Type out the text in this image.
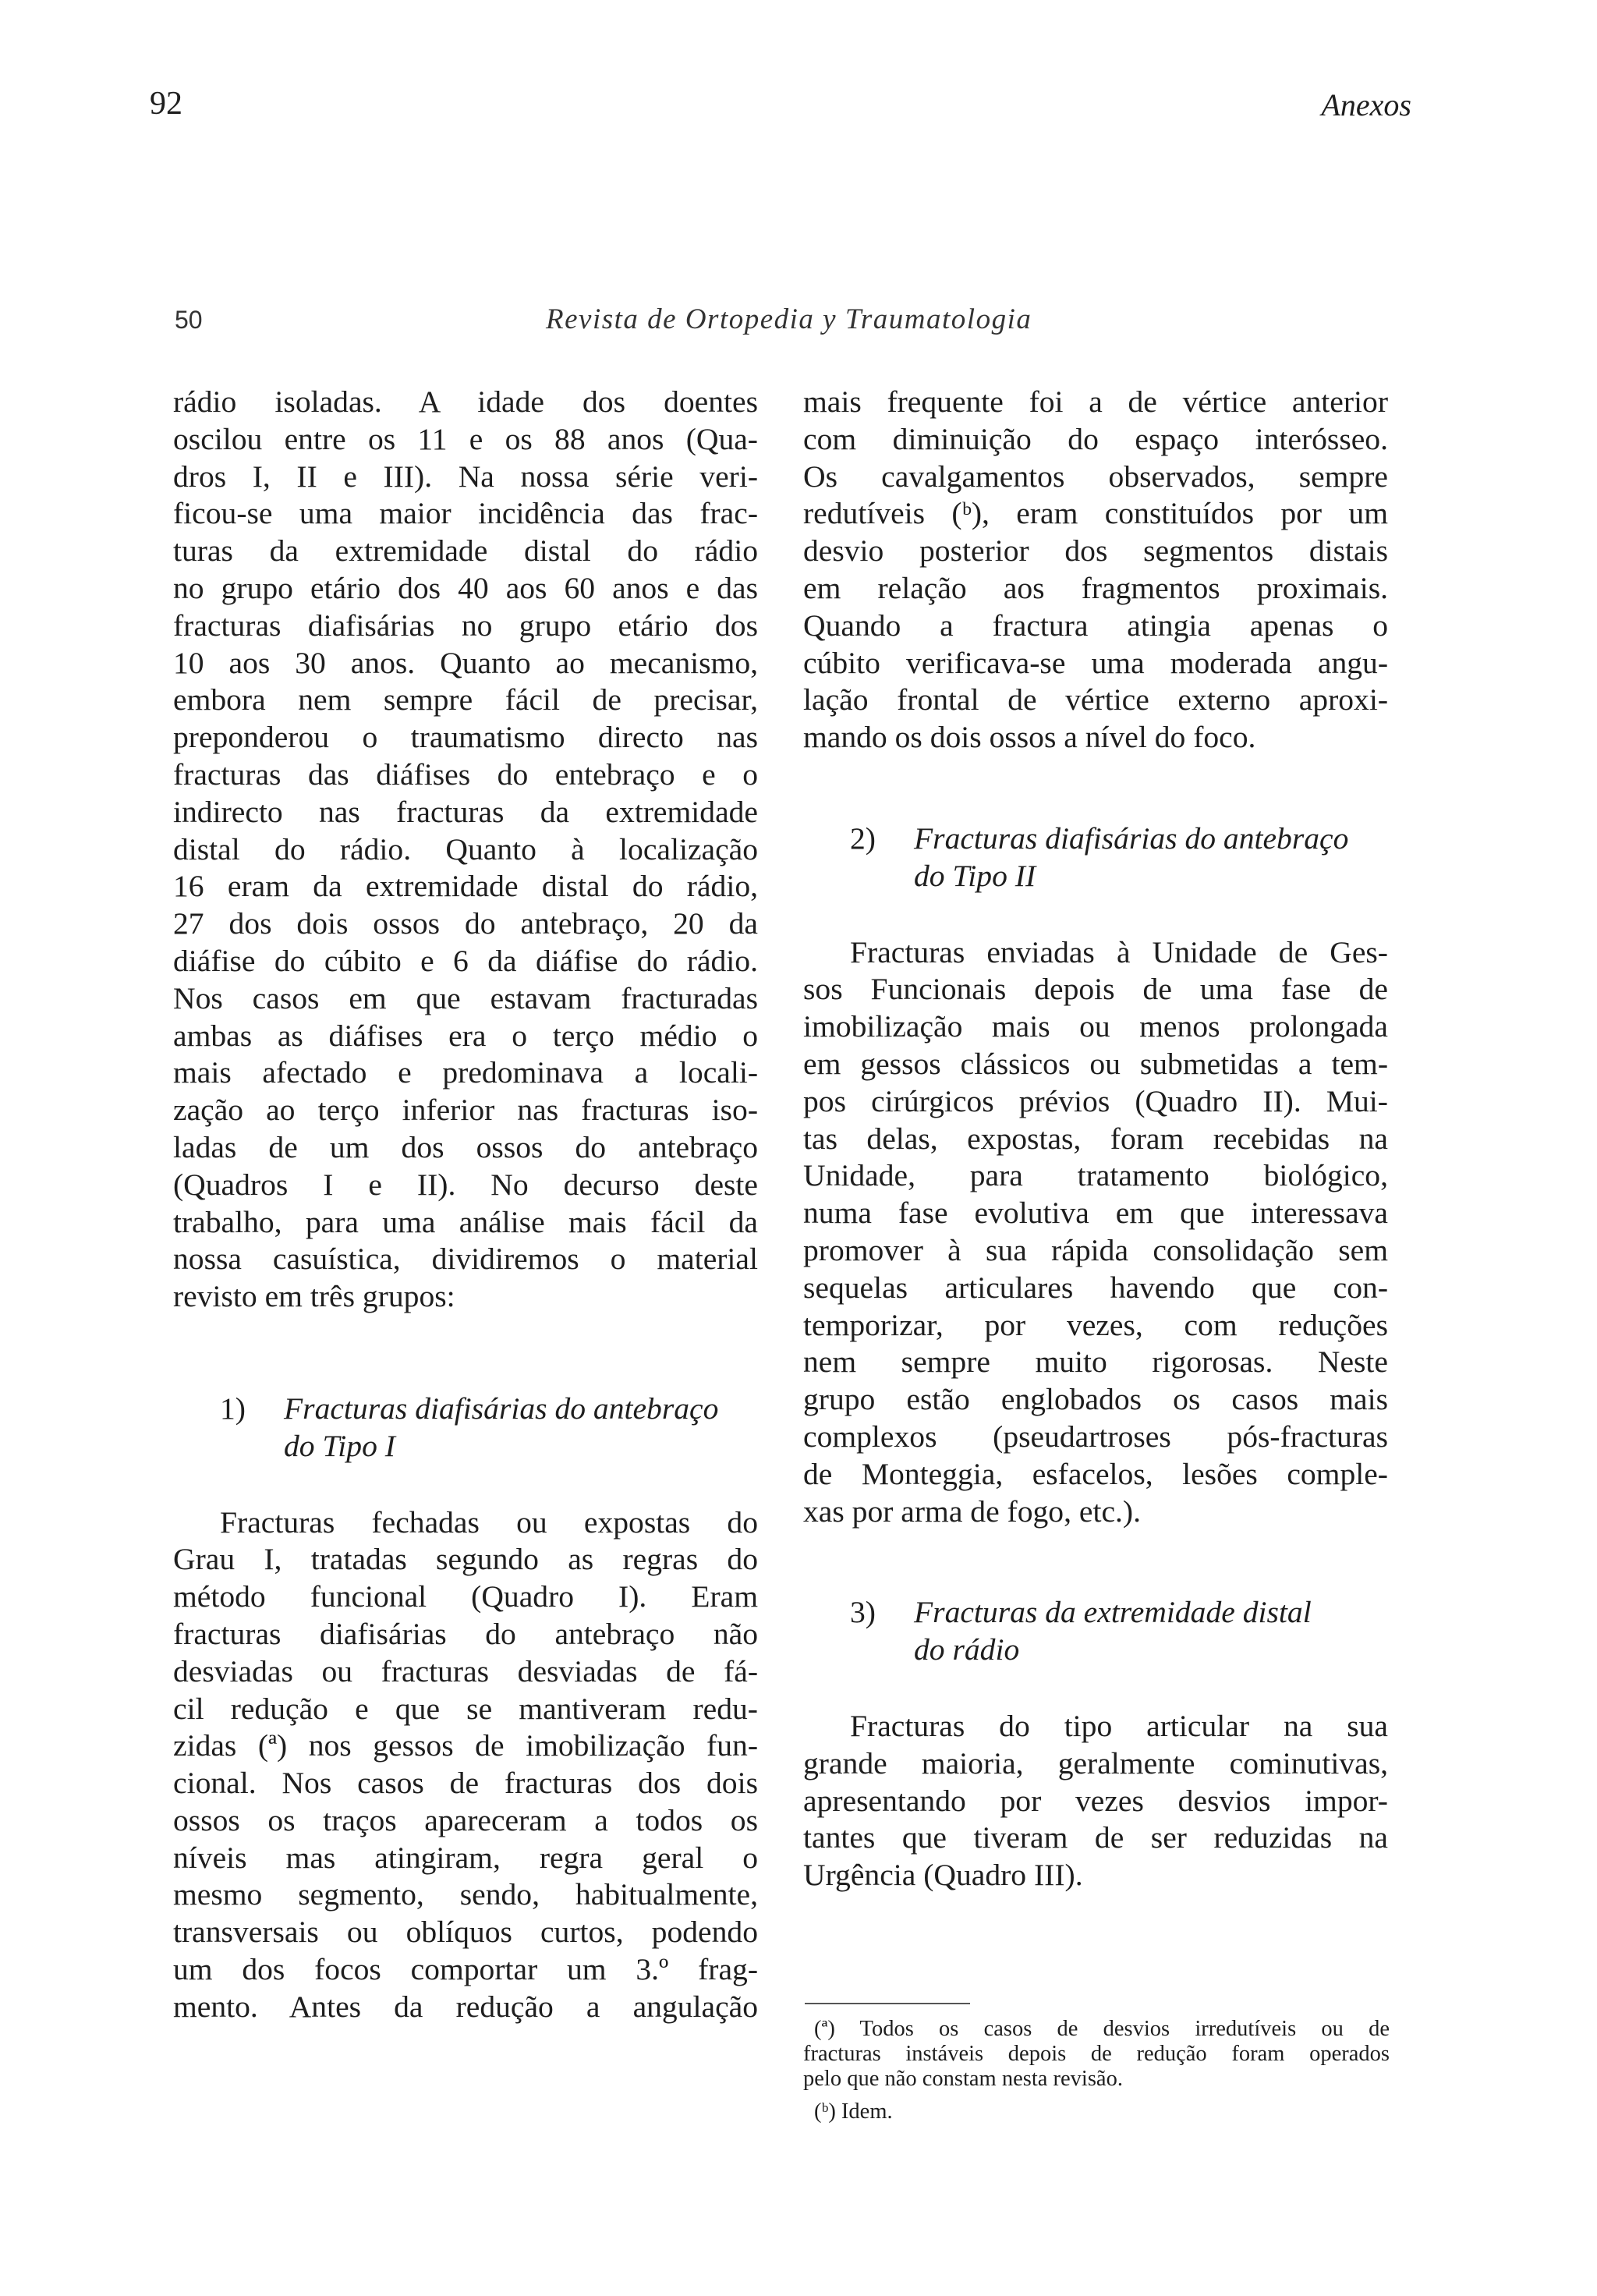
92	Anexos
50	Revista de Ortopedia y Traumatologia
rádio isoladas. A idade dos doentes
oscilou entre os 11 e os 88 anos (Qua-
dros I, II e III). Na nossa série veri-
ficou-se uma maior incidência das frac-
turas da extremidade distal do rádio
no grupo etário dos 40 aos 60 anos e das
fracturas diafisárias no grupo etário dos
10 aos 30 anos. Quanto ao mecanismo,
embora nem sempre fácil de precisar,
preponderou o traumatismo directo nas
fracturas das diáfises do entebraço e o
indirecto nas fracturas da extremidade
distal do rádio. Quanto à localização
16 eram da extremidade distal do rádio,
27 dos dois ossos do antebraço, 20 da
diáfise do cúbito e 6 da diáfise do rádio.
Nos casos em que estavam fracturadas
ambas as diáfises era o terço médio o
mais afectado e predominava a locali-
zação ao terço inferior nas fracturas iso-
ladas de um dos ossos do antebraço
(Quadros I e II). No decurso deste
trabalho, para uma análise mais fácil da
nossa casuística, dividiremos o material
revisto em três grupos:
1) Fracturas diafisárias do antebraço
do Tipo I
Fracturas fechadas ou expostas do
Grau I, tratadas segundo as regras do
método funcional (Quadro I). Eram
fracturas diafisárias do antebraço não
desviadas ou fracturas desviadas de fá-
cil redução e que se mantiveram redu-
zidas (ª) nos gessos de imobilização fun-
cional. Nos casos de fracturas dos dois
ossos os traços apareceram a todos os
níveis mas atingiram, regra geral o
mesmo segmento, sendo, habitualmente,
transversais ou oblíquos curtos, podendo
um dos focos comportar um 3.º frag-
mento. Antes da redução a angulação
mais frequente foi a de vértice anterior
com diminuição do espaço interósseo.
Os cavalgamentos observados, sempre
redutíveis (ᵇ), eram constituídos por um
desvio posterior dos segmentos distais
em relação aos fragmentos proximais.
Quando a fractura atingia apenas o
cúbito verificava-se uma moderada angu-
lação frontal de vértice externo aproxi-
mando os dois ossos a nível do foco.
2) Fracturas diafisárias do antebraço
do Tipo II
Fracturas enviadas à Unidade de Ges-
sos Funcionais depois de uma fase de
imobilização mais ou menos prolongada
em gessos clássicos ou submetidas a tem-
pos cirúrgicos prévios (Quadro II). Mui-
tas delas, expostas, foram recebidas na
Unidade, para tratamento biológico,
numa fase evolutiva em que interessava
promover à sua rápida consolidação sem
sequelas articulares havendo que con-
temporizar, por vezes, com reduções
nem sempre muito rigorosas. Neste
grupo estão englobados os casos mais
complexos (pseudartroses pós-fracturas
de Monteggia, esfacelos, lesões comple-
xas por arma de fogo, etc.).
3) Fracturas da extremidade distal
do rádio
Fracturas do tipo articular na sua
grande maioria, geralmente cominutivas,
apresentando por vezes desvios impor-
tantes que tiveram de ser reduzidas na
Urgência (Quadro III).
(ª) Todos os casos de desvios irredutíveis ou de
fracturas instáveis depois de redução foram operados
pelo que não constam nesta revisão.
(ᵇ) Idem.
